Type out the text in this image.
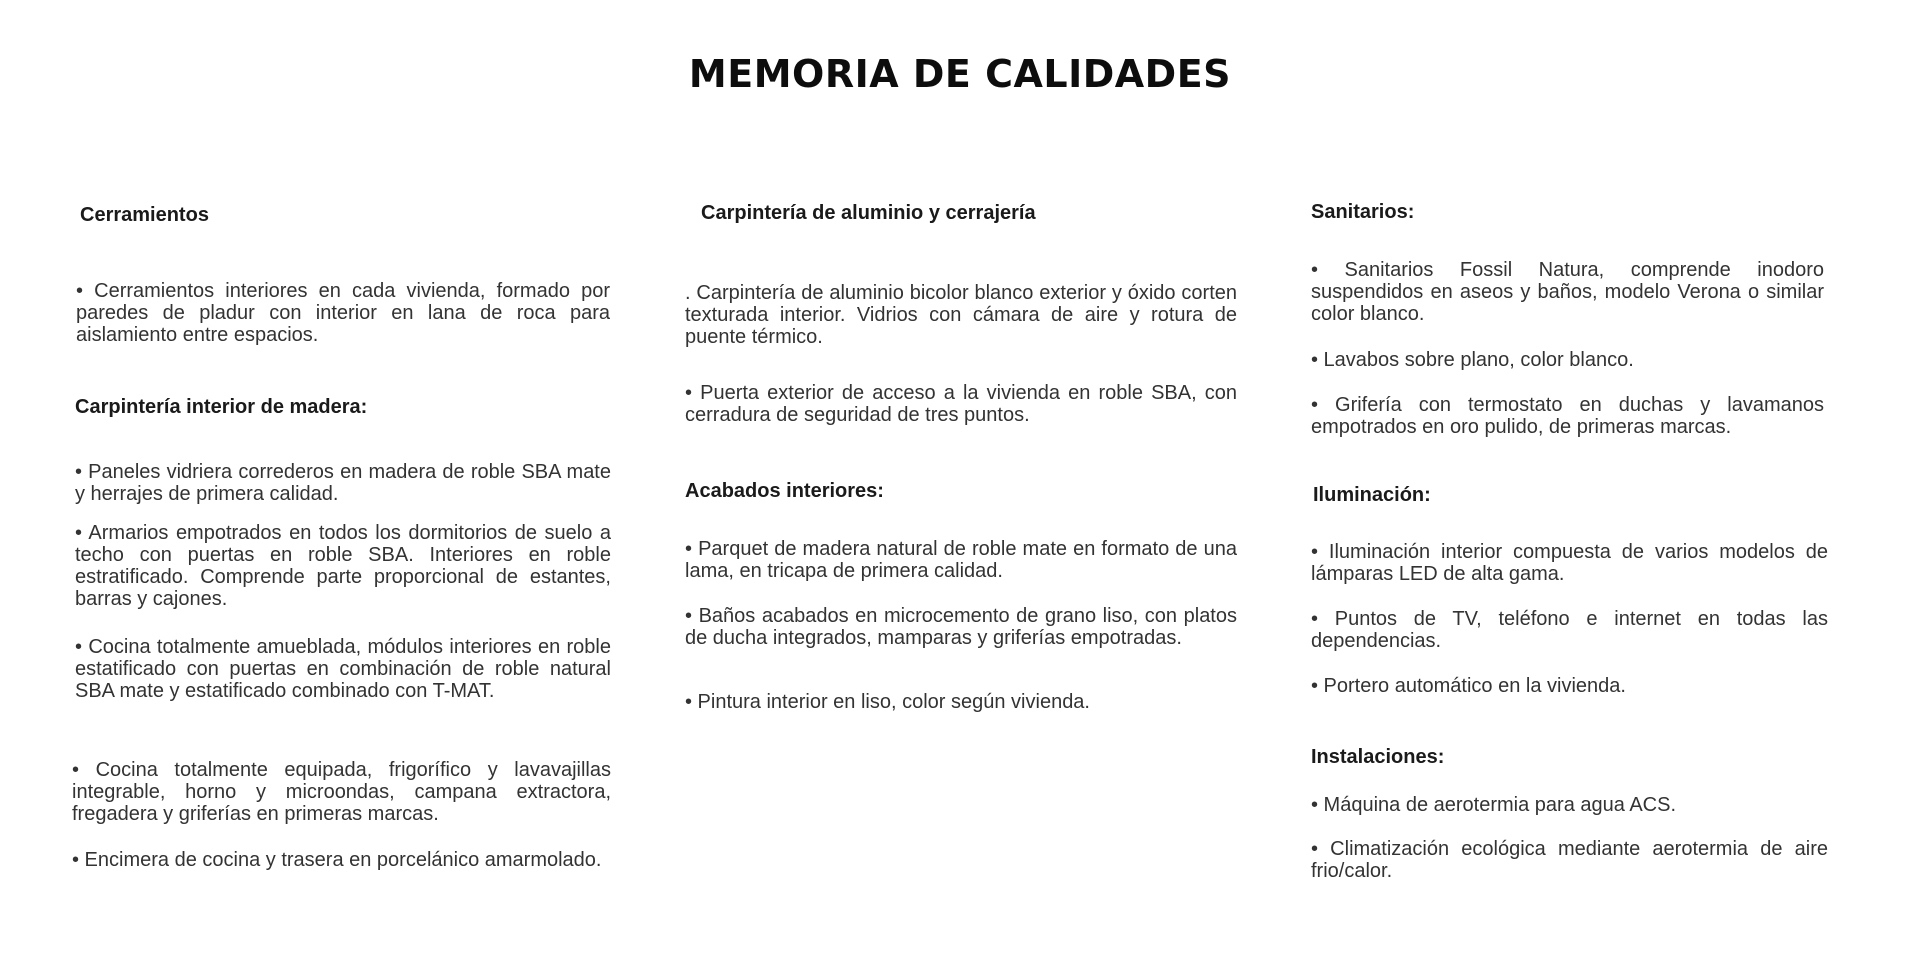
MEMORIA DE CALIDADES
Cerramientos
• Cerramientos interiores en cada vivienda, formado por paredes de pladur con interior en lana de roca para aislamiento entre espacios.
Carpintería interior de madera:
• Paneles vidriera correderos en madera de roble SBA mate y herrajes de primera calidad.
• Armarios empotrados en todos los dormitorios de suelo a techo con puertas en roble SBA. Interiores en roble estratificado. Comprende parte proporcional de estantes, barras y cajones.
• Cocina totalmente amueblada, módulos interiores en roble estatificado con puertas en combinación de roble natural SBA mate y estatificado combinado con T-MAT.
• Cocina totalmente equipada, frigorífico y lavavajillas integrable, horno y microondas, campana extractora, fregadera y griferías en primeras marcas.
• Encimera de cocina y trasera en porcelánico amarmolado.
Carpintería de aluminio y cerrajería
. Carpintería de aluminio bicolor blanco exterior y óxido corten texturada interior. Vidrios con cámara de aire y rotura de puente térmico.
• Puerta exterior de acceso a la vivienda en roble SBA, con cerradura de seguridad de tres puntos.
Acabados interiores:
• Parquet de madera natural de roble mate en formato de una lama, en tricapa de primera calidad.
• Baños acabados en microcemento de grano liso, con platos de ducha integrados, mamparas y griferías empotradas.
• Pintura interior en liso, color según vivienda.
Sanitarios:
• Sanitarios Fossil Natura, comprende inodoro suspendidos en aseos y baños, modelo Verona o similar color blanco.
• Lavabos sobre plano, color blanco.
• Grifería con termostato en duchas y lavamanos empotrados en oro pulido, de primeras marcas.
Iluminación:
• Iluminación interior compuesta de varios modelos de lámparas LED de alta gama.
• Puntos de TV, teléfono e internet en todas las dependencias.
• Portero automático en la vivienda.
Instalaciones:
• Máquina de aerotermia para agua ACS.
• Climatización ecológica mediante aerotermia de aire frio/calor.
